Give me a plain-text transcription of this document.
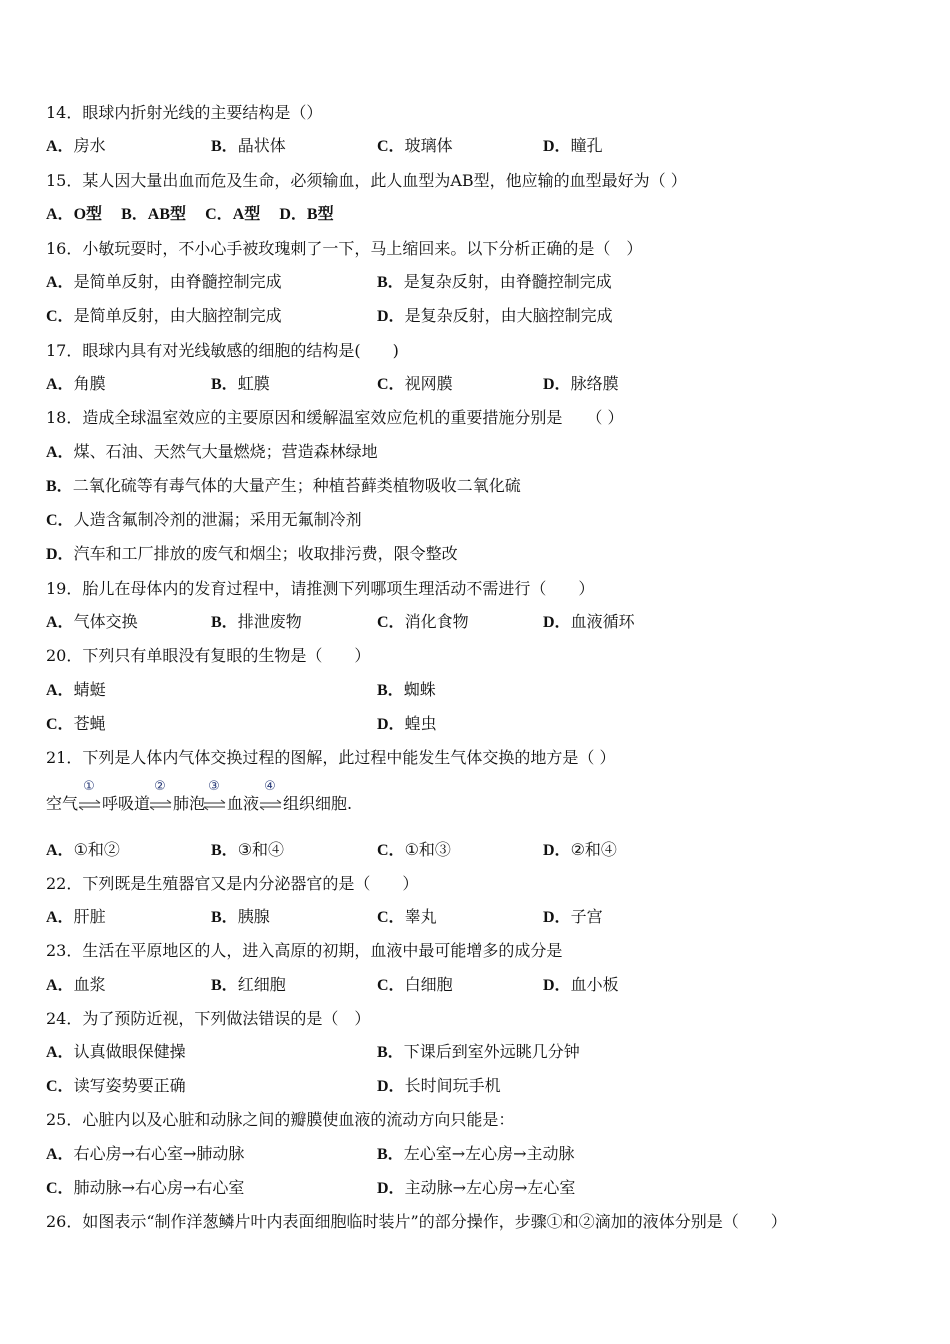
14．眼球内折射光线的主要结构是（）
A．房水	B．晶状体	C．玻璃体	D．瞳孔
15．某人因大量出血而危及生命，必须输血，此人血型为AB型，他应输的血型最好为（ ）
A．O型 B．AB型 C．A型 D．B型
16．小敏玩耍时，不小心手被玫瑰刺了一下，马上缩回来。以下分析正确的是（　）
A．是简单反射，由脊髓控制完成	B．是复杂反射，由脊髓控制完成
C．是简单反射，由大脑控制完成	D．是复杂反射，由大脑控制完成
17．眼球内具有对光线敏感的细胞的结构是(　　)
A．角膜	B．虹膜	C．视网膜	D．脉络膜
18．造成全球温室效应的主要原因和缓解温室效应危机的重要措施分别是　　（ ）
A．煤、石油、天然气大量燃烧；营造森林绿地
B．二氧化硫等有毒气体的大量产生；种植苔藓类植物吸收二氧化硫
C．人造含氟制冷剂的泄漏；采用无氟制冷剂
D．汽车和工厂排放的废气和烟尘；收取排污费，限令整改
19．胎儿在母体内的发育过程中，请推测下列哪项生理活动不需进行（　　）
A．气体交换	B．排泄废物	C．消化食物	D．血液循环
20．下列只有单眼没有复眼的生物是（　　）
A．蜻蜓	B．蜘蛛
C．苍蝇	D．蝗虫
21．下列是人体内气体交换过程的图解，此过程中能发生气体交换的地方是（ ）
①	②	③	④
空气 呼吸道 肺泡 血液 组织细胞.
A．①和②	B．③和④	C．①和③	D．②和④
22．下列既是生殖器官又是内分泌器官的是（　　）
A．肝脏	B．胰腺	C．睾丸	D．子宫
23．生活在平原地区的人，进入高原的初期，血液中最可能增多的成分是
A．血浆	B．红细胞	C．白细胞	D．血小板
24．为了预防近视，下列做法错误的是（　）
A．认真做眼保健操	B．下课后到室外远眺几分钟
C．读写姿势要正确	D．长时间玩手机
25．心脏内以及心脏和动脉之间的瓣膜使血液的流动方向只能是：
A．右心房→右心室→肺动脉	B．左心室→左心房→主动脉
C．肺动脉→右心房→右心室	D．主动脉→左心房→左心室
26．如图表示“制作洋葱鳞片叶内表面细胞临时装片”的部分操作，步骤①和②滴加的液体分别是（　　）
